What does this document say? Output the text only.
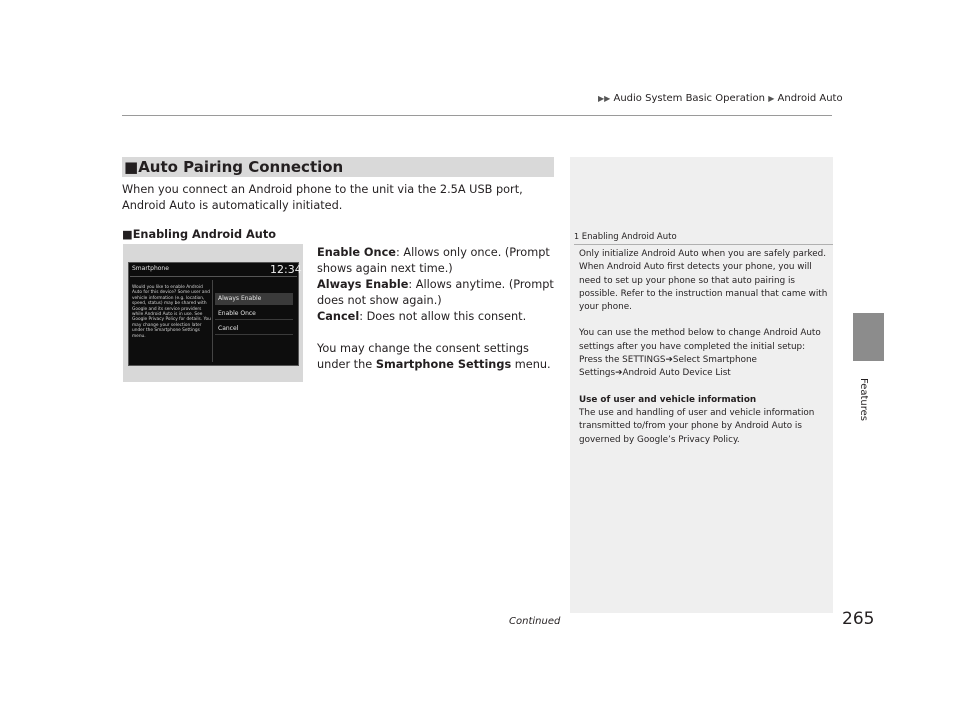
▶▶ Audio System Basic Operation ▶ Android Auto
Features
■Auto Pairing Connection
When you connect an Android phone to the unit via the 2.5A USB port, Android Auto is automatically initiated.
■Enabling Android Auto
Smartphone	12:34
Would you like to enable Android Auto for this device? Some user and vehicle information (e.g. location, speed, status) may be shared with Google and its service providers while Android Auto is in use. See Google Privacy Policy for details. You may change your selection later under the Smartphone Settings menu.
Always Enable
Enable Once
Cancel

Enable Once: Allows only once. (Prompt shows again next time.)

Always Enable: Allows anytime. (Prompt does not show again.)

Cancel: Does not allow this consent.

You may change the consent settings under the Smartphone Settings menu.

1 Enabling Android Auto

Only initialize Android Auto when you are safely parked. When Android Auto first detects your phone, you will need to set up your phone so that auto pairing is possible. Refer to the instruction manual that came with your phone.

You can use the method below to change Android Auto settings after you have completed the initial setup:

Press the SETTINGS➔Select Smartphone Settings➔Android Auto Device List

Use of user and vehicle information

The use and handling of user and vehicle information transmitted to/from your phone by Android Auto is governed by Google’s Privacy Policy.

Continued	265
